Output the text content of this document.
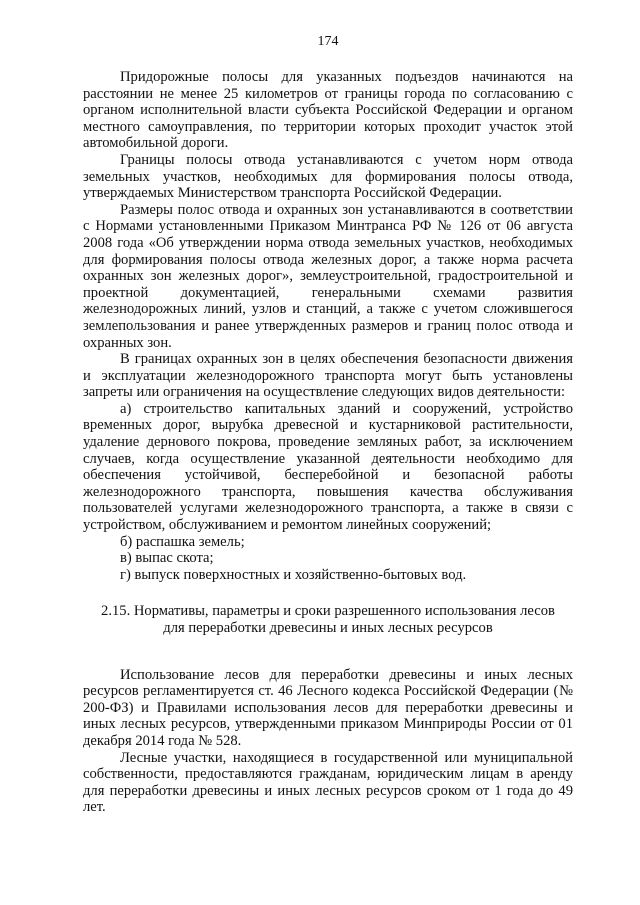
174

Придорожные полосы для указанных подъездов начинаются на расстоянии не менее 25 километров от границы города по согласованию с органом исполнительной власти субъекта Российской Федерации и органом местного самоуправления, по территории которых проходит участок этой автомобильной дороги.

Границы полосы отвода устанавливаются с учетом норм отвода земельных участков, необходимых для формирования полосы отвода, утверждаемых Министерством транспорта Российской Федерации.

Размеры полос отвода и охранных зон устанавливаются в соответствии с Нормами установленными Приказом Минтранса РФ № 126 от 06 августа 2008 года «Об утверждении норма отвода земельных участков, необходимых для формирования полосы отвода железных дорог, а также норма расчета охранных зон железных дорог», землеустроительной, градостроительной и проектной документацией, генеральными схемами развития железнодорожных линий, узлов и станций, а также с учетом сложившегося землепользования и ранее утвержденных размеров и границ полос отвода и охранных зон.

В границах охранных зон в целях обеспечения безопасности движения и эксплуатации железнодорожного транспорта могут быть установлены запреты или ограничения на осуществление следующих видов деятельности:

а) строительство капитальных зданий и сооружений, устройство временных дорог, вырубка древесной и кустарниковой растительности, удаление дернового покрова, проведение земляных работ, за исключением случаев, когда осуществление указанной деятельности необходимо для обеспечения устойчивой, бесперебойной и безопасной работы железнодорожного транспорта, повышения качества обслуживания пользователей услугами железнодорожного транспорта, а также в связи с устройством, обслуживанием и ремонтом линейных сооружений;

б) распашка земель;

в) выпас скота;

г) выпуск поверхностных и хозяйственно-бытовых вод.

2.15. Нормативы, параметры и сроки разрешенного использования лесов
для переработки древесины и иных лесных ресурсов

Использование лесов для переработки древесины и иных лесных ресурсов регламентируется ст. 46 Лесного кодекса Российской Федерации (№ 200-ФЗ) и Правилами использования лесов для переработки древесины и иных лесных ресурсов, утвержденными приказом Минприроды России от 01 декабря 2014 года № 528.

Лесные участки, находящиеся в государственной или муниципальной собственности, предоставляются гражданам, юридическим лицам в аренду для переработки древесины и иных лесных ресурсов сроком от 1 года до 49 лет.
